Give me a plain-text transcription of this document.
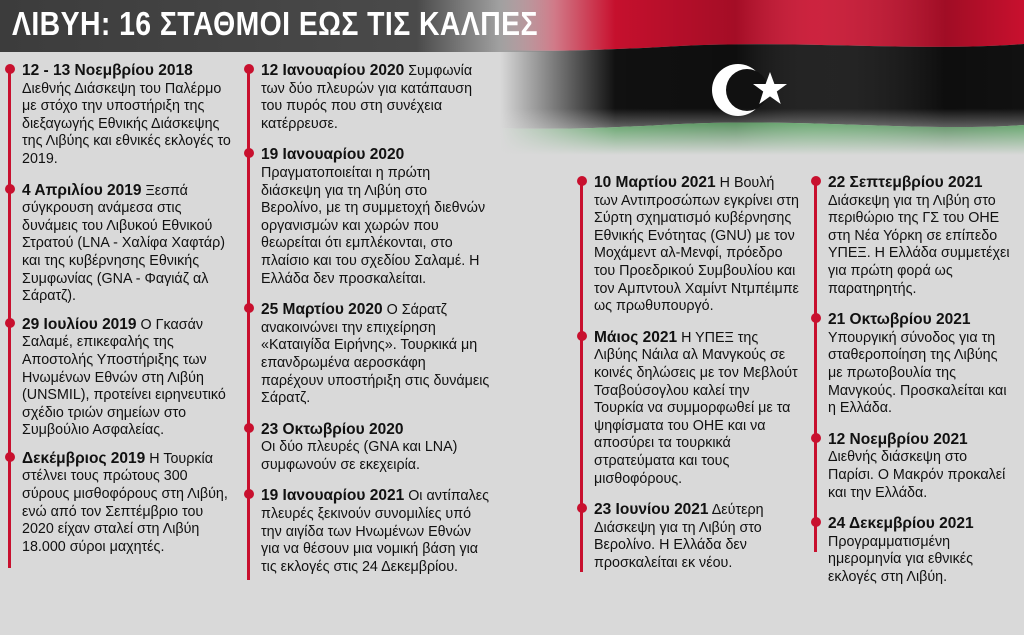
ΛΙΒΥΗ: 16 ΣΤΑΘΜΟΙ ΕΩΣ ΤΙΣ ΚΑΛΠΕΣ
12 - 13 Νοεμβρίου 2018
Διεθνής Διάσκεψη του Παλέρμο με στόχο την υποστήριξη της διεξαγωγής Εθνικής Διάσκεψης της Λιβύης και εθνικές εκλογές το 2019.
4 Απριλίου 2019 Ξεσπά σύγκρουση ανάμεσα στις δυνάμεις του Λιβυκού Εθνικού Στρατού (LNA - Χαλίφα Χαφτάρ) και της κυβέρνησης Εθνικής Συμφωνίας (GNA - Φαγιάζ αλ Σάρατζ).
29 Ιουλίου 2019 Ο Γκασάν Σαλαμέ, επικεφαλής της Αποστολής Υποστήριξης των Ηνωμένων Εθνών στη Λιβύη (UNSMIL), προτείνει ειρηνευτικό σχέδιο τριών σημείων στο Συμβούλιο Ασφαλείας.
Δεκέμβριος 2019 Η Τουρκία στέλνει τους πρώτους 300 σύρους μισθοφόρους στη Λιβύη, ενώ από τον Σεπτέμβριο του 2020 είχαν σταλεί στη Λιβύη 18.000 σύροι μαχητές.
12 Ιανουαρίου 2020 Συμφωνία των δύο πλευρών για κατάπαυση του πυρός που στη συνέχεια κατέρρευσε.
19 Ιανουαρίου 2020
Πραγματοποιείται η πρώτη διάσκεψη για τη Λιβύη στο Βερολίνο, με τη συμμετοχή διεθνών οργανισμών και χωρών που θεωρείται ότι εμπλέκονται, στο πλαίσιο και του σχεδίου Σαλαμέ. Η Ελλάδα δεν προσκαλείται.
25 Μαρτίου 2020 Ο Σάρατζ ανακοινώνει την επιχείρηση «Καταιγίδα Ειρήνης». Τουρκικά μη επανδρωμένα αεροσκάφη παρέχουν υποστήριξη στις δυνάμεις Σάρατζ.
23 Οκτωβρίου 2020
Οι δύο πλευρές (GNA και LNA) συμφωνούν σε εκεχειρία.
19 Ιανουαρίου 2021 Οι αντίπαλες πλευρές ξεκινούν συνομιλίες υπό την αιγίδα των Ηνωμένων Εθνών για να θέσουν μια νομική βάση για τις εκλογές στις 24 Δεκεμβρίου.
10 Μαρτίου 2021 Η Βουλή των Αντιπροσώπων εγκρίνει στη Σύρτη σχηματισμό κυβέρνησης Εθνικής Ενότητας (GNU) με τον Μοχάμεντ αλ-Μενφί, πρόεδρο του Προεδρικού Συμβουλίου και τον Αμπντουλ Χαμίντ Ντμπέιμπε ως πρωθυπουργό.
Μάιος 2021 Η ΥΠΕΞ της Λιβύης Νάιλα αλ Μανγκούς σε κοινές δηλώσεις με τον Μεβλούτ Τσαβούσογλου καλεί την Τουρκία να συμμορφωθεί με τα ψηφίσματα του ΟΗΕ και να αποσύρει τα τουρκικά στρατεύματα και τους μισθοφόρους.
23 Ιουνίου 2021 Δεύτερη Διάσκεψη για τη Λιβύη στο Βερολίνο. Η Ελλάδα δεν προσκαλείται εκ νέου.
22 Σεπτεμβρίου 2021
Διάσκεψη για τη Λιβύη στο περιθώριο της ΓΣ του ΟΗΕ στη Νέα Υόρκη σε επίπεδο ΥΠΕΞ. Η Ελλάδα συμμετέχει για πρώτη φορά ως παρατηρητής.
21 Οκτωβρίου 2021
Υπουργική σύνοδος για τη σταθεροποίηση της Λιβύης με πρωτοβουλία της Μανγκούς. Προσκαλείται και η Ελλάδα.
12 Νοεμβρίου 2021
Διεθνής διάσκεψη στο Παρίσι. Ο Μακρόν προκαλεί και την Ελλάδα.
24 Δεκεμβρίου 2021
Προγραμματισμένη ημερομηνία για εθνικές εκλογές στη Λιβύη.
